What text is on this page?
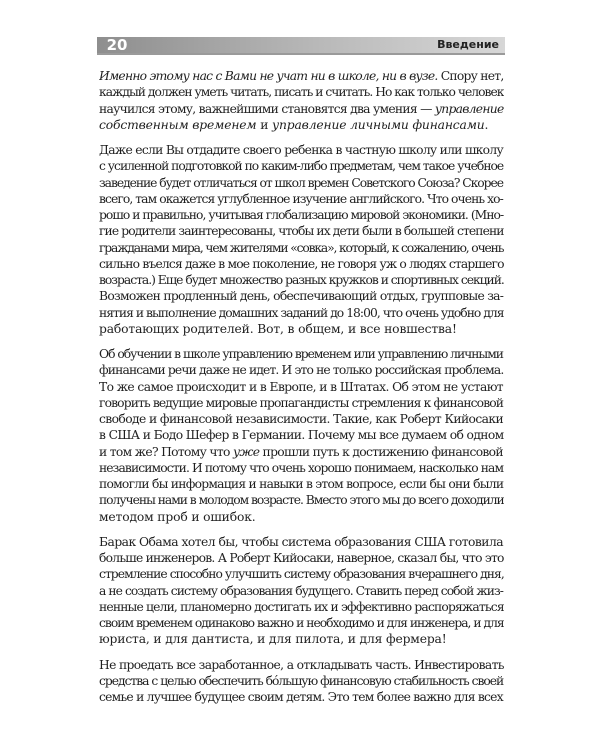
20	Введение
Именно этому нас с Вами не учат ни в школе, ни в вузе. Спору нет,
каждый должен уметь читать, писать и считать. Но как только человек
научился этому, важнейшими становятся два умения — управление
собственным временем и управление личными финансами.
Даже если Вы отдадите своего ребенка в частную школу или школу
с усиленной подготовкой по каким-либо предметам, чем такое учебное
заведение будет отличаться от школ времен Советского Союза? Скорее
всего, там окажется углубленное изучение английского. Что очень хо-
рошо и правильно, учитывая глобализацию мировой экономики. (Мно-
гие родители заинтересованы, чтобы их дети были в большей степени
гражданами мира, чем жителями «совка», который, к сожалению, очень
сильно въелся даже в мое поколение, не говоря уж о людях старшего
возраста.) Еще будет множество разных кружков и спортивных секций.
Возможен продленный день, обеспечивающий отдых, групповые за-
нятия и выполнение домашних заданий до 18:00, что очень удобно для
работающих родителей. Вот, в общем, и все новшества!
Об обучении в школе управлению временем или управлению личными
финансами речи даже не идет. И это не только российская проблема.
То же самое происходит и в Европе, и в Штатах. Об этом не устают
говорить ведущие мировые пропагандисты стремления к финансовой
свободе и финансовой независимости. Такие, как Роберт Кийосаки
в США и Бодо Шефер в Германии. Почему мы все думаем об одном
и том же? Потому что уже прошли путь к достижению финансовой
независимости. И потому что очень хорошо понимаем, насколько нам
помогли бы информация и навыки в этом вопросе, если бы они были
получены нами в молодом возрасте. Вместо этого мы до всего доходили
методом проб и ошибок.
Барак Обама хотел бы, чтобы система образования США готовила
больше инженеров. А Роберт Кийосаки, наверное, сказал бы, что это
стремление способно улучшить систему образования вчерашнего дня,
а не создать систему образования будущего. Ставить перед собой жиз-
ненные цели, планомерно достигать их и эффективно распоряжаться
своим временем одинаково важно и необходимо и для инженера, и для
юриста, и для дантиста, и для пилота, и для фермера!
Не проедать все заработанное, а откладывать часть. Инвестировать
средства с целью обеспечить бóльшую финансовую стабильность своей
семье и лучшее будущее своим детям. Это тем более важно для всех
